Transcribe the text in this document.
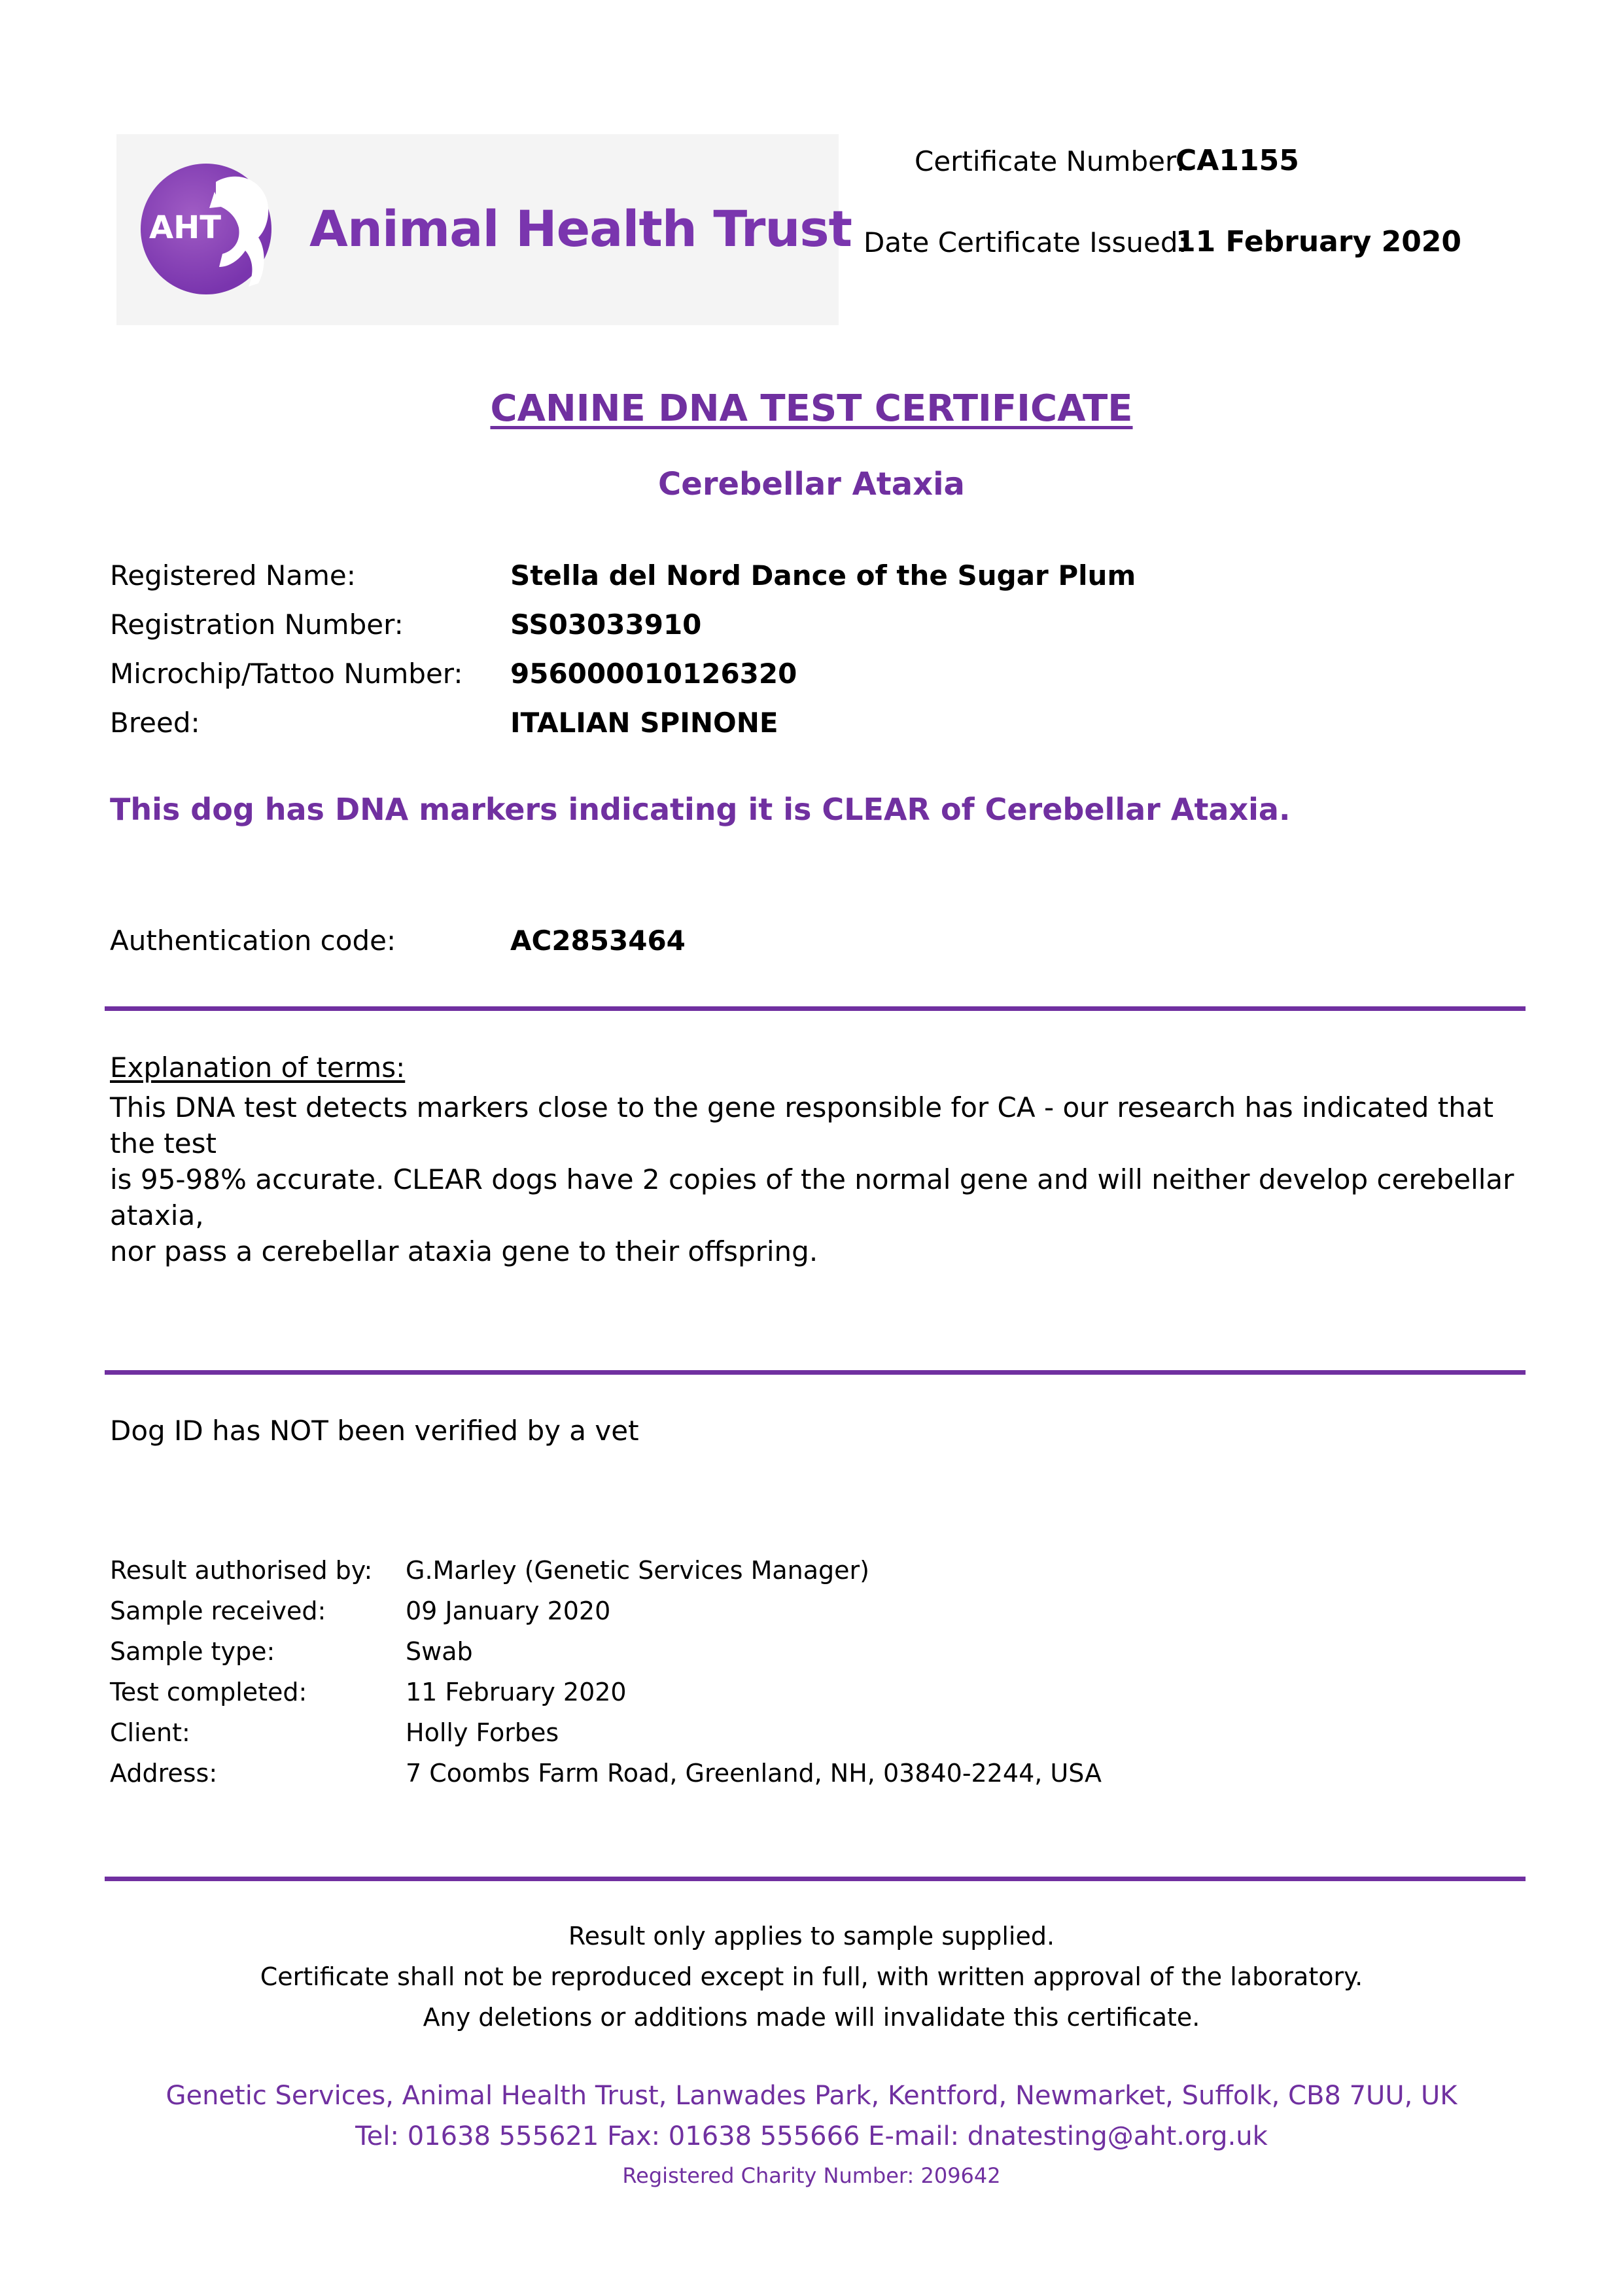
AHT Animal Health Trust
Certificate Number:
CA1155
Date Certificate Issued:
11 February 2020
CANINE DNA TEST CERTIFICATE
Cerebellar Ataxia
Registered Name:	Stella del Nord Dance of the Sugar Plum
Registration Number:	SS03033910
Microchip/Tattoo Number: 956000010126320
Breed:	ITALIAN SPINONE
This dog has DNA markers indicating it is CLEAR of Cerebellar Ataxia.
Authentication code:	AC2853464
Explanation of terms:
This DNA test detects markers close to the gene responsible for CA - our research has indicated that the test
is 95-98% accurate. CLEAR dogs have 2 copies of the normal gene and will neither develop cerebellar ataxia,
nor pass a cerebellar ataxia gene to their offspring.
Dog ID has NOT been verified by a vet
Result authorised by: G.Marley (Genetic Services Manager)
Sample received:	09 January 2020
Sample type:	Swab
Test completed:	11 February 2020
Client:	Holly Forbes
Address:	7 Coombs Farm Road, Greenland, NH, 03840-2244, USA
Result only applies to sample supplied.
Certificate shall not be reproduced except in full, with written approval of the laboratory.
Any deletions or additions made will invalidate this certificate.
Genetic Services, Animal Health Trust, Lanwades Park, Kentford, Newmarket, Suffolk, CB8 7UU, UK
Tel: 01638 555621 Fax: 01638 555666 E-mail: dnatesting@aht.org.uk
Registered Charity Number: 209642
